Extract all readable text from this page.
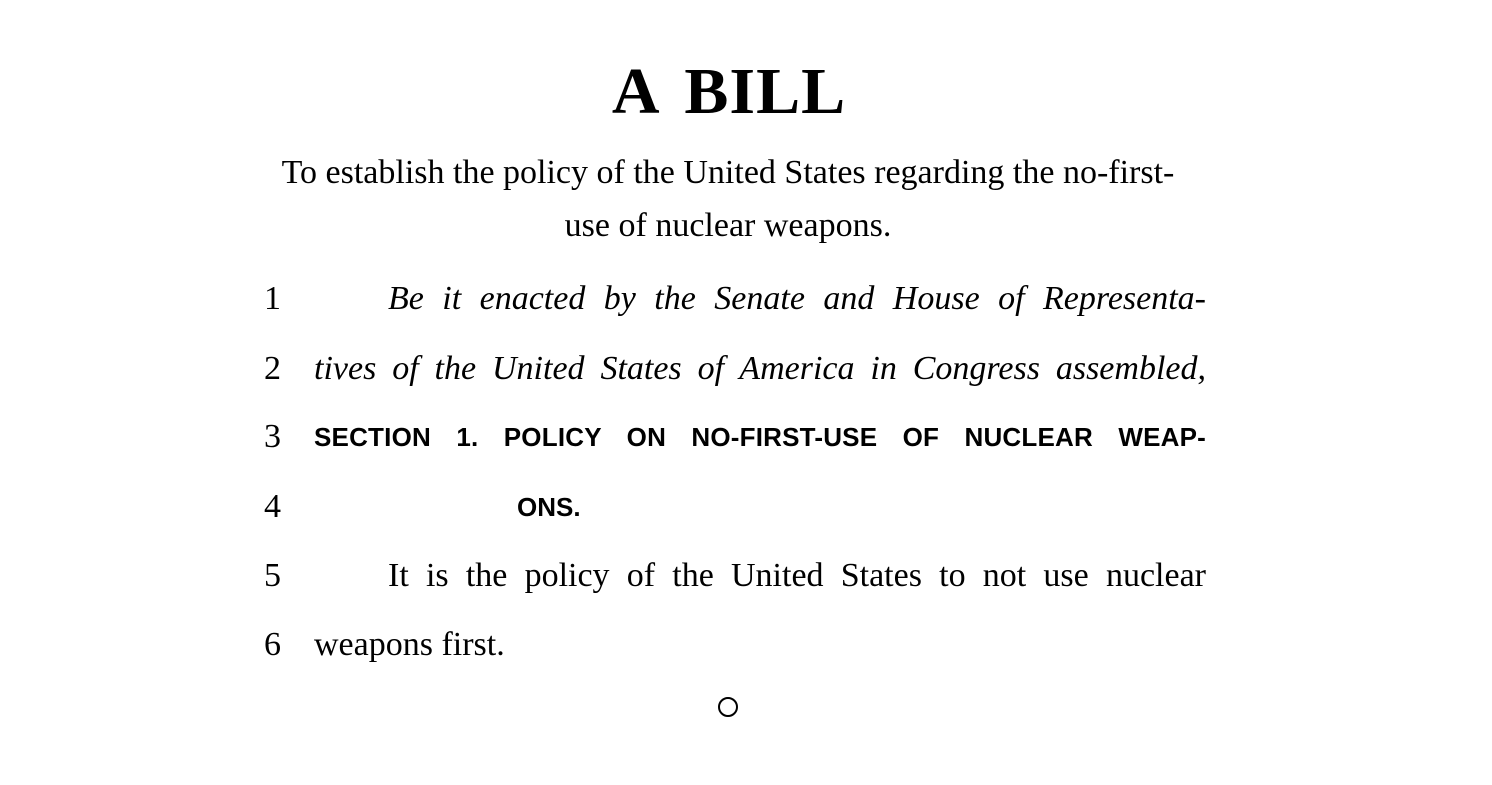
A BILL

To establish the policy of the United States regarding the no-first-use of nuclear weapons.

1	Be it enacted by the Senate and House of Representa-
2 tives of the United States of America in Congress assembled,
3	SECTION 1. POLICY ON NO-FIRST-USE OF NUCLEAR WEAP-
4	ONS.
5	It is the policy of the United States to not use nuclear
6 weapons first.
